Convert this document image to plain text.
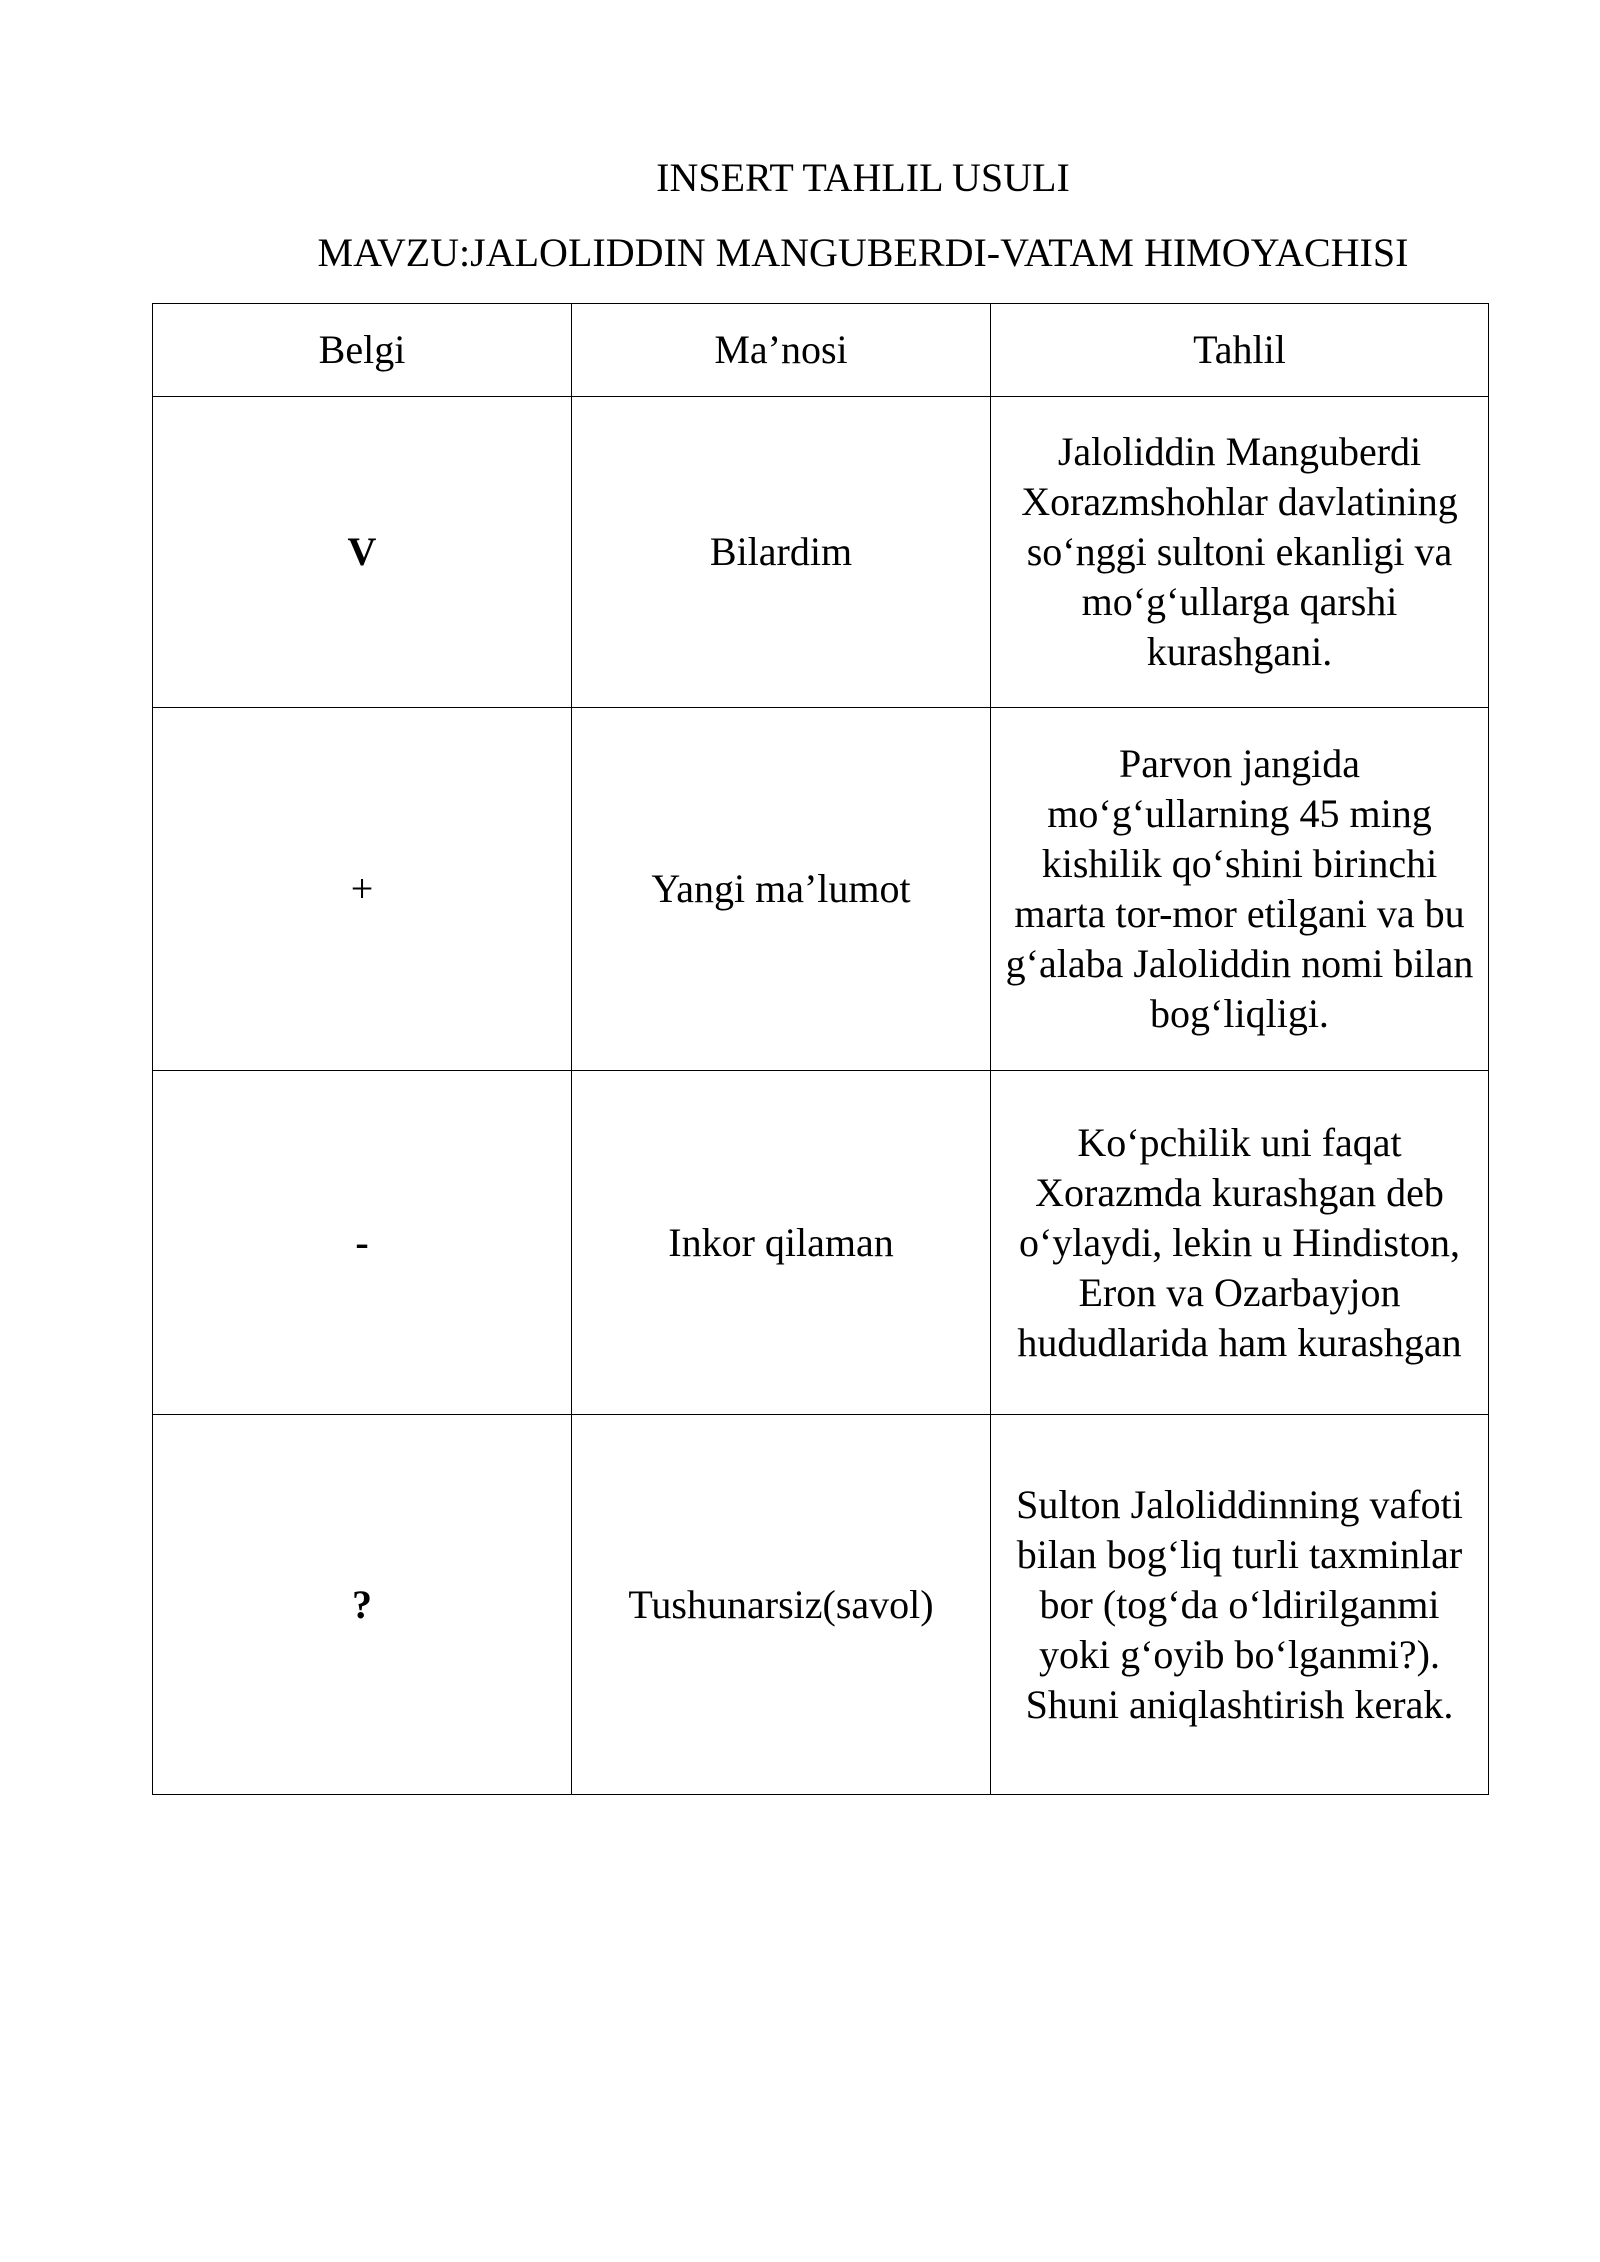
INSERT TAHLIL USULI
MAVZU:JALOLIDDIN MANGUBERDI-VATAM HIMOYACHISI
Belgi	Ma’nosi	Tahlil
V	Bilardim	Jaloliddin Manguberdi Xorazmshohlar davlatining so‘nggi sultoni ekanligi va mo‘g‘ullarga qarshi kurashgani.
+	Yangi ma’lumot	Parvon jangida mo‘g‘ullarning 45 ming kishilik qo‘shini birinchi marta tor-mor etilgani va bu g‘alaba Jaloliddin nomi bilan bog‘liqligi.
-	Inkor qilaman	Ko‘pchilik uni faqat Xorazmda kurashgan deb o‘ylaydi, lekin u Hindiston, Eron va Ozarbayjon hududlarida ham kurashgan
?	Tushunarsiz(savol)	Sulton Jaloliddinning vafoti bilan bog‘liq turli taxminlar bor (tog‘da o‘ldirilganmi yoki g‘oyib bo‘lganmi?). Shuni aniqlashtirish kerak.
